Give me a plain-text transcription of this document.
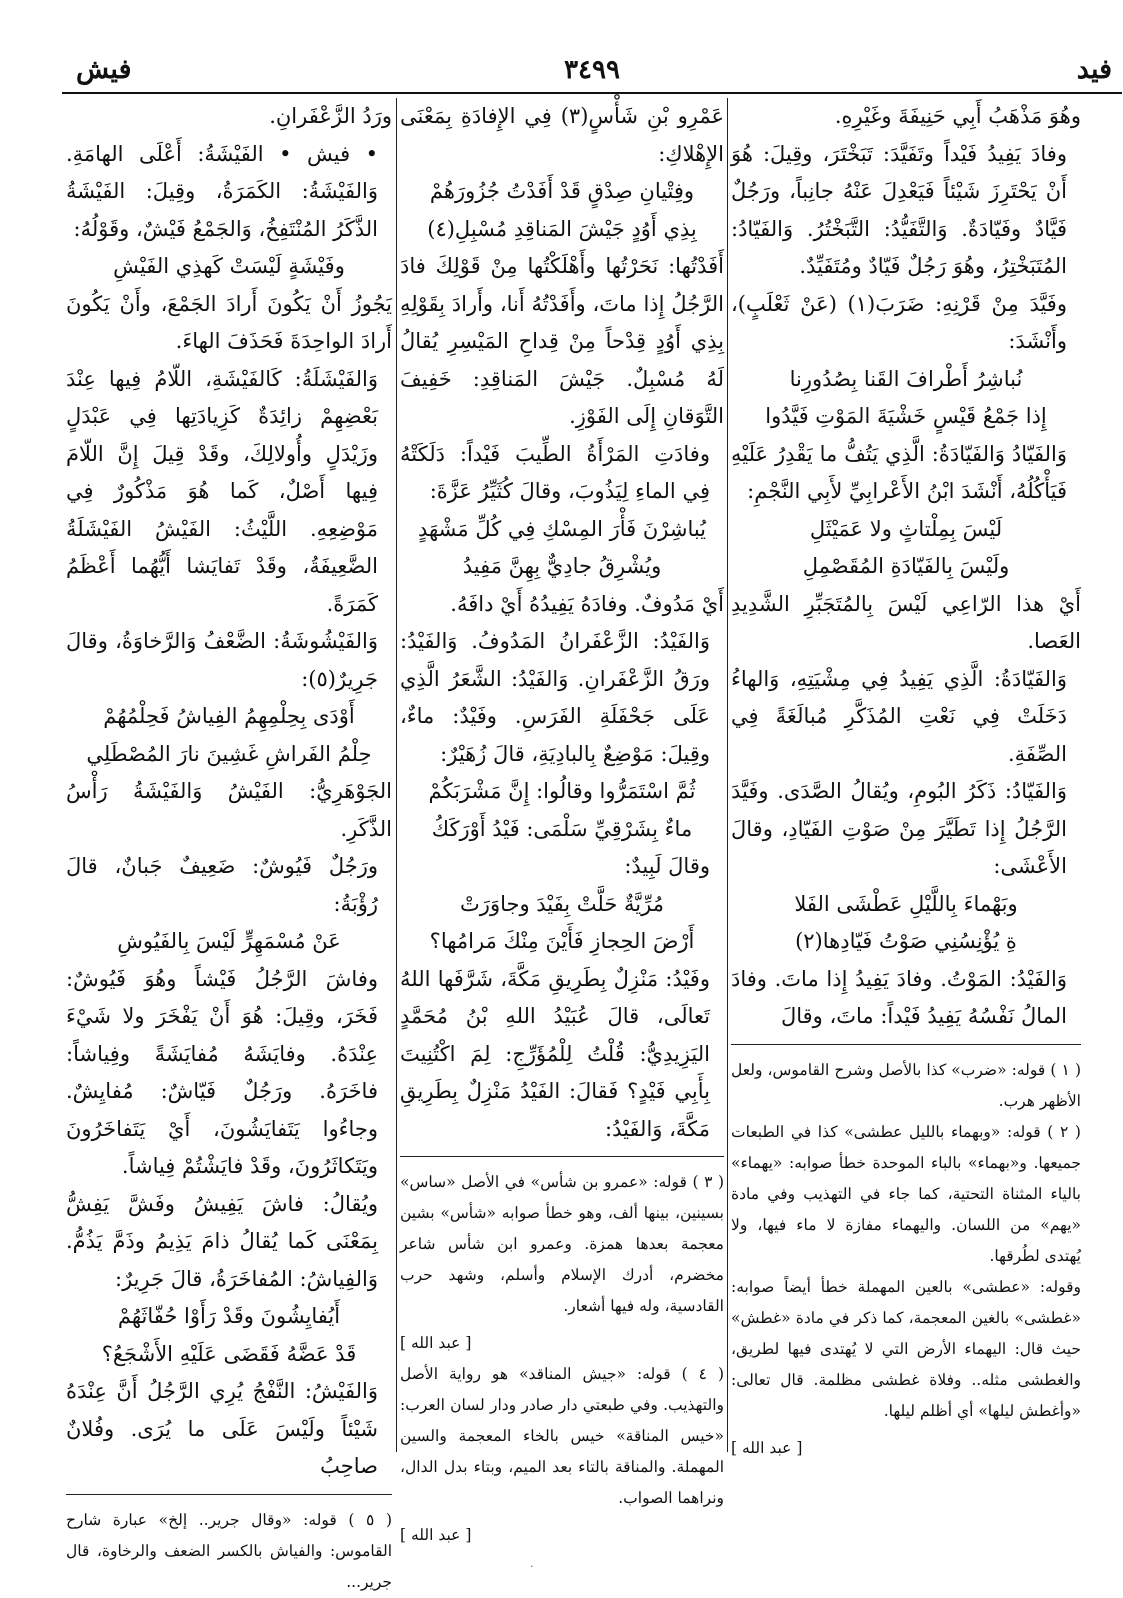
فيش	٣٤٩٩	فيد

وهُوَ مَذْهَبُ أَبِي حَنِيفَةَ وغَيْرِهِ.

وفادَ يَفِيدُ فَيْداً وتَفَيَّدَ: تَبَخْتَرَ، وقِيلَ: هُوَ أَنْ يَحْتَرِزَ شَيْئاً فَيَعْدِلَ عَنْهُ جانِباً، ورَجُلٌ فَيَّادٌ وفَيّادَةٌ. وَالتَّفَيُّدُ: التَّبَخْتُرُ. وَالفَيّادُ: المُتَبَخْتِرُ، وهُوَ رَجُلٌ فَيّادٌ ومُتَفَيِّدٌ.

وفَيَّدَ مِنْ قَرْنِهِ: ضَرَبَ(١) (عَنْ ثَعْلَبٍ)، وأَنْشَدَ:

نُباشِرُ أَطْرافَ القَنا بِصُدُورِنا

إِذا جَمْعُ قَيْسٍ خَشْيَةَ المَوْتِ فَيَّدُوا

وَالفَيّادُ وَالفَيّادَةُ: الَّذِي يَتُفُّ ما يَقْدِرُ عَلَيْهِ فَيَأْكُلُهُ، أَنْشَدَ ابْنُ الأَعْرابِيِّ لأَبِي النَّجْمِ:

لَيْسَ بِمِلْتاثٍ ولا عَمَيْثَلِ

ولَيْسَ بِالفَيّادَةِ المُقَصْمِلِ

أَيْ هذا الرّاعِي لَيْسَ بِالمُتَجَبِّرِ الشَّدِيدِ العَصا.

وَالفَيّادَةُ: الَّذِي يَفِيدُ فِي مِشْيَتِهِ، وَالهاءُ دَخَلَتْ فِي نَعْتِ المُذَكَّرِ مُبالَغَةً فِي الصِّفَةِ.

وَالفَيّادُ: ذَكَرُ البُومِ، ويُقالُ الصَّدَى. وفَيَّدَ الرَّجُلُ إِذا تَطَيَّرَ مِنْ صَوْتِ الفَيّادِ، وقالَ الأَعْشَى:

وبَهْماءَ بِاللَّيْلِ عَطْشَى الفَلا

ةِ يُؤْنِسُنِي صَوْتُ فَيّادِها(٢)

وَالفَيْدُ: المَوْتُ. وفادَ يَفِيدُ إِذا ماتَ. وفادَ المالُ نَفْسُهُ يَفِيدُ فَيْداً: ماتَ، وقالَ

( ١ ) قوله: «ضرب» كذا بالأصل وشرح القاموس، ولعل الأظهر هرب.

( ٢ ) قوله: «وبهماء بالليل عطشى» كذا في الطبعات جميعها. و«بهماء» بالباء الموحدة خطأ صوابه: «يهماء» بالياء المثناة التحتية، كما جاء في التهذيب وفي مادة «يهم» من اللسان. واليهماء مفازة لا ماء فيها، ولا يُهتدى لطُرقها.

وقوله: «عطشى» بالعين المهملة خطأ أيضاً صوابه: «غطشى» بالغين المعجمة، كما ذكر في مادة «غطش» حيث قال: اليهماء الأرض التي لا يُهتدى فيها لطريق، والغطشى مثله.. وفلاة غطشى مظلمة. قال تعالى: «وأغطش ليلها» أي أظلم ليلها.

[ عبد الله ]

عَمْرِو بْنِ شَأْسٍ(٣) فِي الإِفادَةِ بِمَعْنَى الإِهْلاكِ:

وفِتْيانِ صِدْقٍ قَدْ أَفَدْتُ جُزُورَهُمْ

بِذِي أَوُدٍ جَيْشَ المَناقِدِ مُسْبِلِ(٤)

أَفَدْتُها: نَحَرْتُها وأَهْلَكْتُها مِنْ قَوْلِكَ فادَ الرَّجُلُ إِذا ماتَ، وأَفَدْتُهُ أَنا، وأَرادَ بِقَوْلِهِ بِذِي أَوُدٍ قِدْحاً مِنْ قِداحِ المَيْسِرِ يُقالُ لَهُ مُسْبِلٌ. جَيْشَ المَناقِدِ: خَفِيفَ التَّوَقانِ إِلَى الفَوْزِ.

وفادَتِ المَرْأَةُ الطِّيبَ فَيْداً: دَلَكَتْهُ فِي الماءِ لِيَذُوبَ، وقالَ كُثَيِّرُ عَزَّةَ:

يُباشِرْنَ فَأْرَ المِسْكِ فِي كُلِّ مَشْهَدٍ

ويُشْرِقُ جادِيٌّ بِهِنَّ مَفِيدُ

أَيْ مَدُوفٌ. وفادَهُ يَفِيدُهُ أَيْ دافَهُ.

وَالفَيْدُ: الزَّعْفَرانُ المَدُوفُ. وَالفَيْدُ: ورَقُ الزَّعْفَرانِ. وَالفَيْدُ: الشَّعَرُ الَّذِي عَلَى جَحْفَلَةِ الفَرَسِ. وفَيْدٌ: ماءٌ، وقِيلَ: مَوْضِعٌ بِالبادِيَةِ، قالَ زُهَيْرٌ:

ثُمَّ اسْتَمَرُّوا وقالُوا: إِنَّ مَشْرَبَكُمْ

ماءٌ بِشَرْقِيِّ سَلْمَى: فَيْدُ أَوْرَكَكُ

وقالَ لَبِيدٌ:

مُرِّيَّةٌ حَلَّتْ بِفَيْدَ وجاوَرَتْ

أَرْضَ الحِجازِ فَأَيْنَ مِنْكَ مَرامُها؟

وفَيْدُ: مَنْزِلٌ بِطَرِيقِ مَكَّةَ، شَرَّفَها اللهُ تَعالَى، قالَ عُبَيْدُ اللهِ بْنُ مُحَمَّدٍ اليَزِيدِيُّ: قُلْتُ لِلْمُؤَرِّجِ: لِمَ اكْتُنِيتَ بِأَبِي فَيْدٍ؟ فَقالَ: الفَيْدُ مَنْزِلٌ بِطَرِيقِ مَكَّةَ، وَالفَيْدُ:

( ٣ ) قوله: «عمرو بن شأس» في الأصل «ساس» بسينين، بينها ألف، وهو خطأ صوابه «شأس» بشين معجمة بعدها همزة. وعمرو ابن شأس شاعر مخضرم، أدرك الإسلام وأسلم، وشهد حرب القادسية، وله فيها أشعار.

[ عبد الله ]

( ٤ ) قوله: «جيش المناقد» هو رواية الأصل والتهذيب. وفي طبعتي دار صادر ودار لسان العرب: «خيس المناقة» خيس بالخاء المعجمة والسين المهملة. والمناقة بالتاء بعد الميم، وبتاء بدل الدال، ونراهما الصواب.

[ عبد الله ]

ورَدُ الزَّعْفَرانِ.

• فيش • الفَيْشَةُ: أَعْلَى الهامَةِ. وَالفَيْشَةُ: الكَمَرَةُ، وقِيلَ: الفَيْشَةُ الذَّكَرُ المُنْتَفِخُ، وَالجَمْعُ فَيْشٌ، وقَوْلُهُ:

وفَيْشَةٍ لَيْسَتْ كَهذِي الفَيْشِ

يَجُوزُ أَنْ يَكُونَ أَرادَ الجَمْعَ، وأَنْ يَكُونَ أَرادَ الواحِدَةَ فَحَذَفَ الهاءَ.

وَالفَيْشَلَةُ: كَالفَيْشَةِ، اللّامُ فِيها عِنْدَ بَعْضِهِمْ زائِدَةٌ كَزِيادَتِها فِي عَبْدَلٍ وزَيْدَلٍ وأُولالِكَ، وقَدْ قِيلَ إِنَّ اللّامَ فِيها أَصْلٌ، كَما هُوَ مَذْكُورٌ فِي مَوْضِعِهِ. اللَّيْثُ: الفَيْشُ الفَيْشَلَةُ الضَّعِيفَةُ، وقَدْ تَفايَشا أَيُّهُما أَعْظَمُ كَمَرَةً.

وَالفَيْشُوشَةُ: الضَّعْفُ وَالرَّخاوَةُ، وقالَ جَرِيرٌ(٥):

أَوْدَى بِحِلْمِهِمُ الفِياشُ فَحِلْمُهُمْ

حِلْمُ الفَراشِ غَشِينَ نارَ المُصْطَلِي

الجَوْهَرِيُّ: الفَيْشُ وَالفَيْشَةُ رَأْسُ الذَّكَرِ.

ورَجُلٌ فَيُوشٌ: ضَعِيفٌ جَبانٌ، قالَ رُؤْبَةُ:

عَنْ مُسْمَهِرٍّ لَيْسَ بِالفَيُوشِ

وفاشَ الرَّجُلُ فَيْشاً وهُوَ فَيُوشٌ: فَخَرَ، وقِيلَ: هُوَ أَنْ يَفْخَرَ ولا شَيْءَ عِنْدَهُ. وفايَشَهُ مُفايَشَةً وفِياشاً: فاخَرَهُ. ورَجُلٌ فَيّاشٌ: مُفايِشٌ. وجاءُوا يَتَفايَشُونَ، أَيْ يَتَفاخَرُونَ ويَتَكاثَرُونَ، وقَدْ فايَشْتُمْ فِياشاً.

ويُقالُ: فاشَ يَفِيشُ وفَشَّ يَفِشُّ بِمَعْنَى كَما يُقالُ ذامَ يَذِيمُ وذَمَّ يَذُمُّ. وَالفِياشُ: المُفاخَرَةُ، قالَ جَرِيرٌ:

أَيُفايِشُونَ وقَدْ رَأَوْا حُفّاثَهُمْ

قَدْ عَضَّهُ فَقَضَى عَلَيْهِ الأَشْجَعُ؟

وَالفَيْشُ: النَّفْجُ يُرِي الرَّجُلُ أَنَّ عِنْدَهُ شَيْئاً ولَيْسَ عَلَى ما يُرَى. وفُلانٌ صاحِبُ

( ٥ ) قوله: «وقال جرير.. إلخ» عبارة شارح القاموس: والفياش بالكسر الضعف والرخاوة، قال جرير...

·
